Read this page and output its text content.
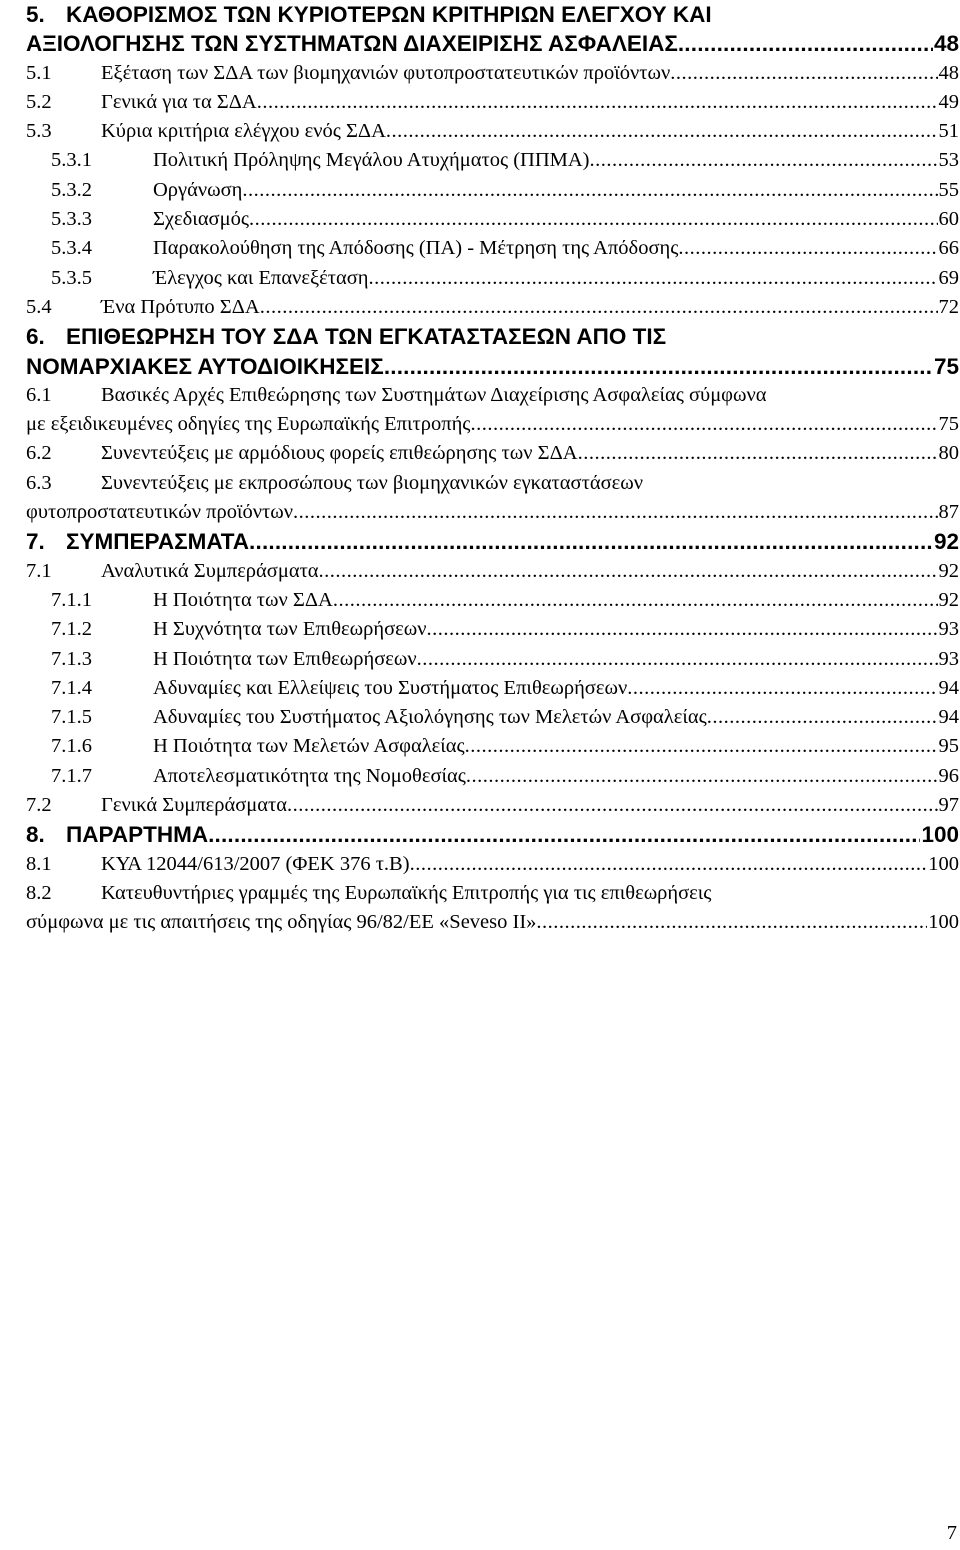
5. ΚΑΘΟΡΙΣΜΟΣ ΤΩΝ ΚΥΡΙΟΤΕΡΩΝ ΚΡΙΤΗΡΙΩΝ ΕΛΕΓΧΟΥ ΚΑΙ
ΑΞΙΟΛΟΓΗΣΗΣ ΤΩΝ ΣΥΣΤΗΜΑΤΩΝ ΔΙΑΧΕΙΡΙΣΗΣ ΑΣΦΑΛΕΙΑΣ .....	48
5.1 Εξέταση των ΣΔΑ των βιομηχανιών φυτοπροστατευτικών προϊόντων .....	48
5.2 Γενικά για τα ΣΔΑ .....	49
5.3 Κύρια κριτήρια ελέγχου ενός ΣΔΑ .....	51
5.3.1	Πολιτική Πρόληψης Μεγάλου Ατυχήματος (ΠΠΜΑ) .....	53
5.3.2	Οργάνωση .....	55
5.3.3	Σχεδιασμός .....	60
5.3.4	Παρακολούθηση της Απόδοσης (ΠΑ) - Μέτρηση της Απόδοσης .....	66
5.3.5	Έλεγχος και Επανεξέταση .....	69
5.4 Ένα Πρότυπο ΣΔΑ .....	72
6. ΕΠΙΘΕΩΡΗΣΗ ΤΟΥ ΣΔΑ ΤΩΝ ΕΓΚΑΤΑΣΤΑΣΕΩΝ ΑΠΟ ΤΙΣ
ΝΟΜΑΡΧΙΑΚΕΣ ΑΥΤΟΔΙΟΙΚΗΣΕΙΣ .....	75
6.1 Βασικές Αρχές Επιθεώρησης των Συστημάτων Διαχείρισης Ασφαλείας σύμφωνα
με εξειδικευμένες οδηγίες της Ευρωπαϊκής Επιτροπής .....	75
6.2 Συνεντεύξεις με αρμόδιους φορείς επιθεώρησης των ΣΔΑ .....	80
6.3 Συνεντεύξεις με εκπροσώπους των βιομηχανικών εγκαταστάσεων
φυτοπροστατευτικών προϊόντων .....	87
7. ΣΥΜΠΕΡΑΣΜΑΤΑ .....	92
7.1 Αναλυτικά Συμπεράσματα .....	92
7.1.1	Η Ποιότητα των ΣΔΑ .....	92
7.1.2	Η Συχνότητα των Επιθεωρήσεων .....	93
7.1.3	Η Ποιότητα των Επιθεωρήσεων .....	93
7.1.4	Αδυναμίες και Ελλείψεις του Συστήματος Επιθεωρήσεων .....	94
7.1.5	Αδυναμίες του Συστήματος Αξιολόγησης των Μελετών Ασφαλείας .....	94
7.1.6	Η Ποιότητα των Μελετών Ασφαλείας .....	95
7.1.7	Αποτελεσματικότητα της Νομοθεσίας .....	96
7.2 Γενικά Συμπεράσματα .....	97
8. ΠΑΡΑΡΤΗΜΑ .....	100
8.1 ΚΥΑ 12044/613/2007 (ΦΕΚ 376 τ.Β) .....	100
8.2 Κατευθυντήριες γραμμές της Ευρωπαϊκής Επιτροπής για τις επιθεωρήσεις
σύμφωνα με τις απαιτήσεις της οδηγίας 96/82/ΕΕ «Seveso II» .....	100
7
